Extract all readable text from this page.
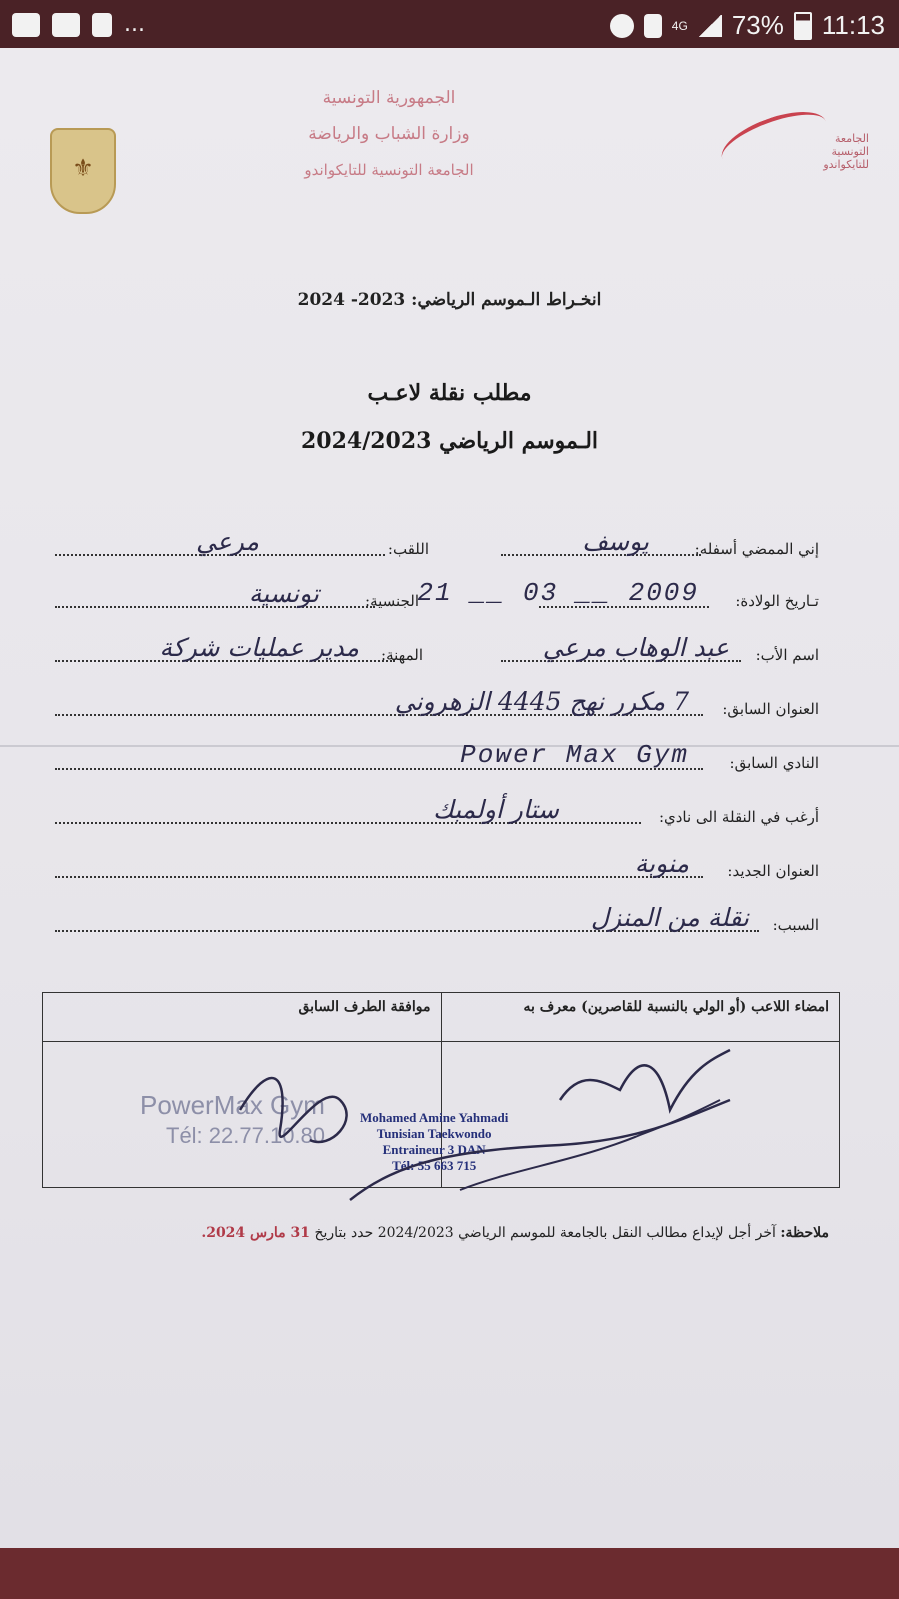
...	4G 73% 11:13
⚜
الجمهورية التونسية
وزارة الشباب والرياضة
الجامعة التونسية للتايكواندو
الجامعة
التونسية
للتايكواندو
انخـراط الـموسم الرياضي: 2023- 2024
مطلب نقلة لاعـب
الـموسم الرياضي 2024/2023
إني الممضي أسفله:
يوسف
اللقب:
مرعي
تـاريخ الولادة:
21 __ 03 __ 2009
الجنسية:
تونسية
اسم الأب:
عبد الوهاب مرعي
المهنة:
مدير عمليات شركة
العنوان السابق:
7 مكرر نهج 4445 الزهروني
النادي السابق:
Power Max Gym
أرغب في النقلة الى نادي:
ستار أولمبك
العنوان الجديد:
منوبة
السبب:
نقلة من المنزل
امضاء اللاعب (أو الولي بالنسبة للقاصرين) معرف به	موافقة الطرف السابق

PowerMax Gym
Tél: 22.77.10.80
Mohamed Amine Yahmadi
Tunisian Taekwondo
Entraineur 3 DAN
Tél: 55 663 715
ملاحظة: آخر أجل لإيداع مطالب النقل بالجامعة للموسم الرياضي 2024/2023 حدد بتاريخ 31 مارس 2024.
